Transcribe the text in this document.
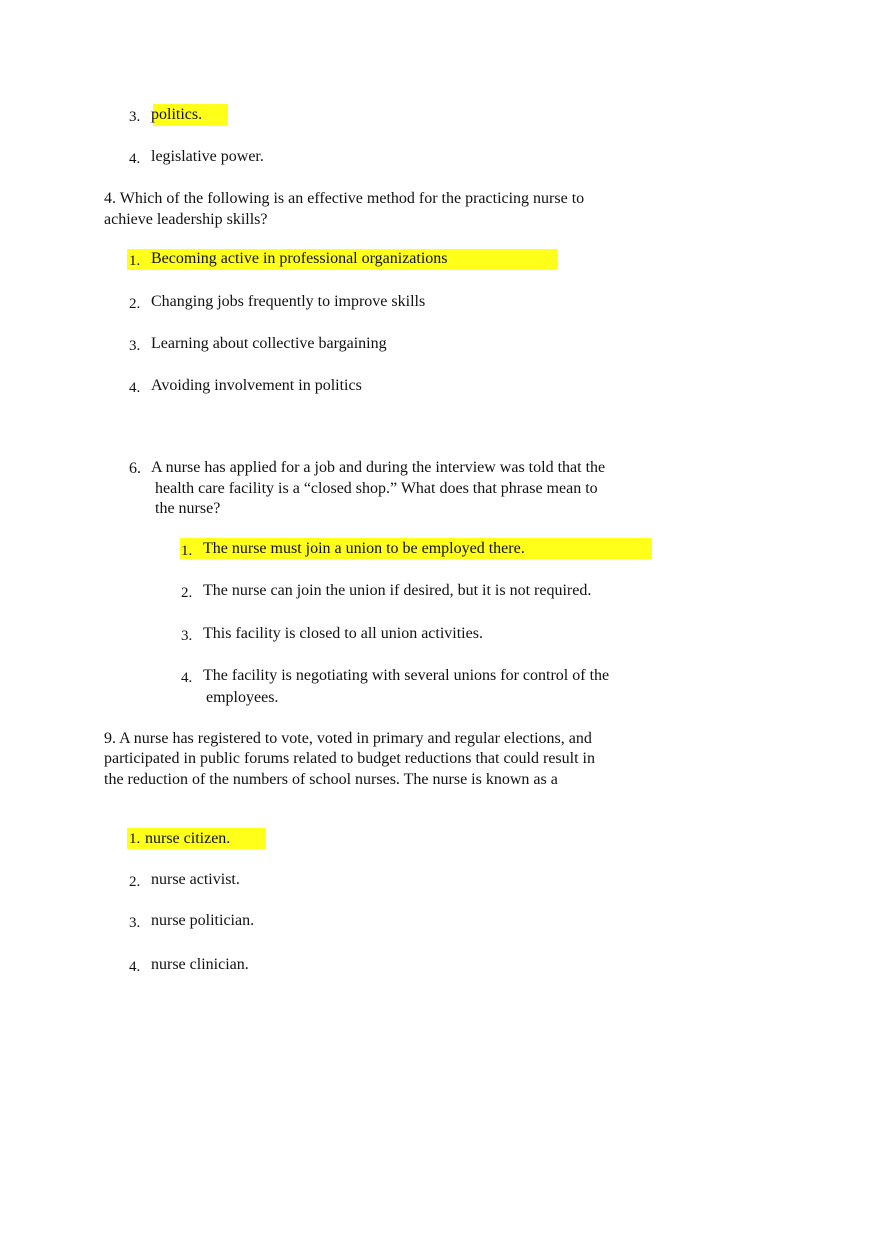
3. politics.
4. legislative power.
4. Which of the following is an effective method for the practicing nurse to
achieve leadership skills?
1. Becoming active in professional organizations
2. Changing jobs frequently to improve skills
3. Learning about collective bargaining
4. Avoiding involvement in politics
6. A nurse has applied for a job and during the interview was told that the
health care facility is a “closed shop.” What does that phrase mean to
the nurse?
1. The nurse must join a union to be employed there.
2. The nurse can join the union if desired, but it is not required.
3. This facility is closed to all union activities.
4. The facility is negotiating with several unions for control of the
employees.
9. A nurse has registered to vote, voted in primary and regular elections, and
participated in public forums related to budget reductions that could result in
the reduction of the numbers of school nurses. The nurse is known as a
1. nurse citizen.
2. nurse activist.
3. nurse politician.
4. nurse clinician.
